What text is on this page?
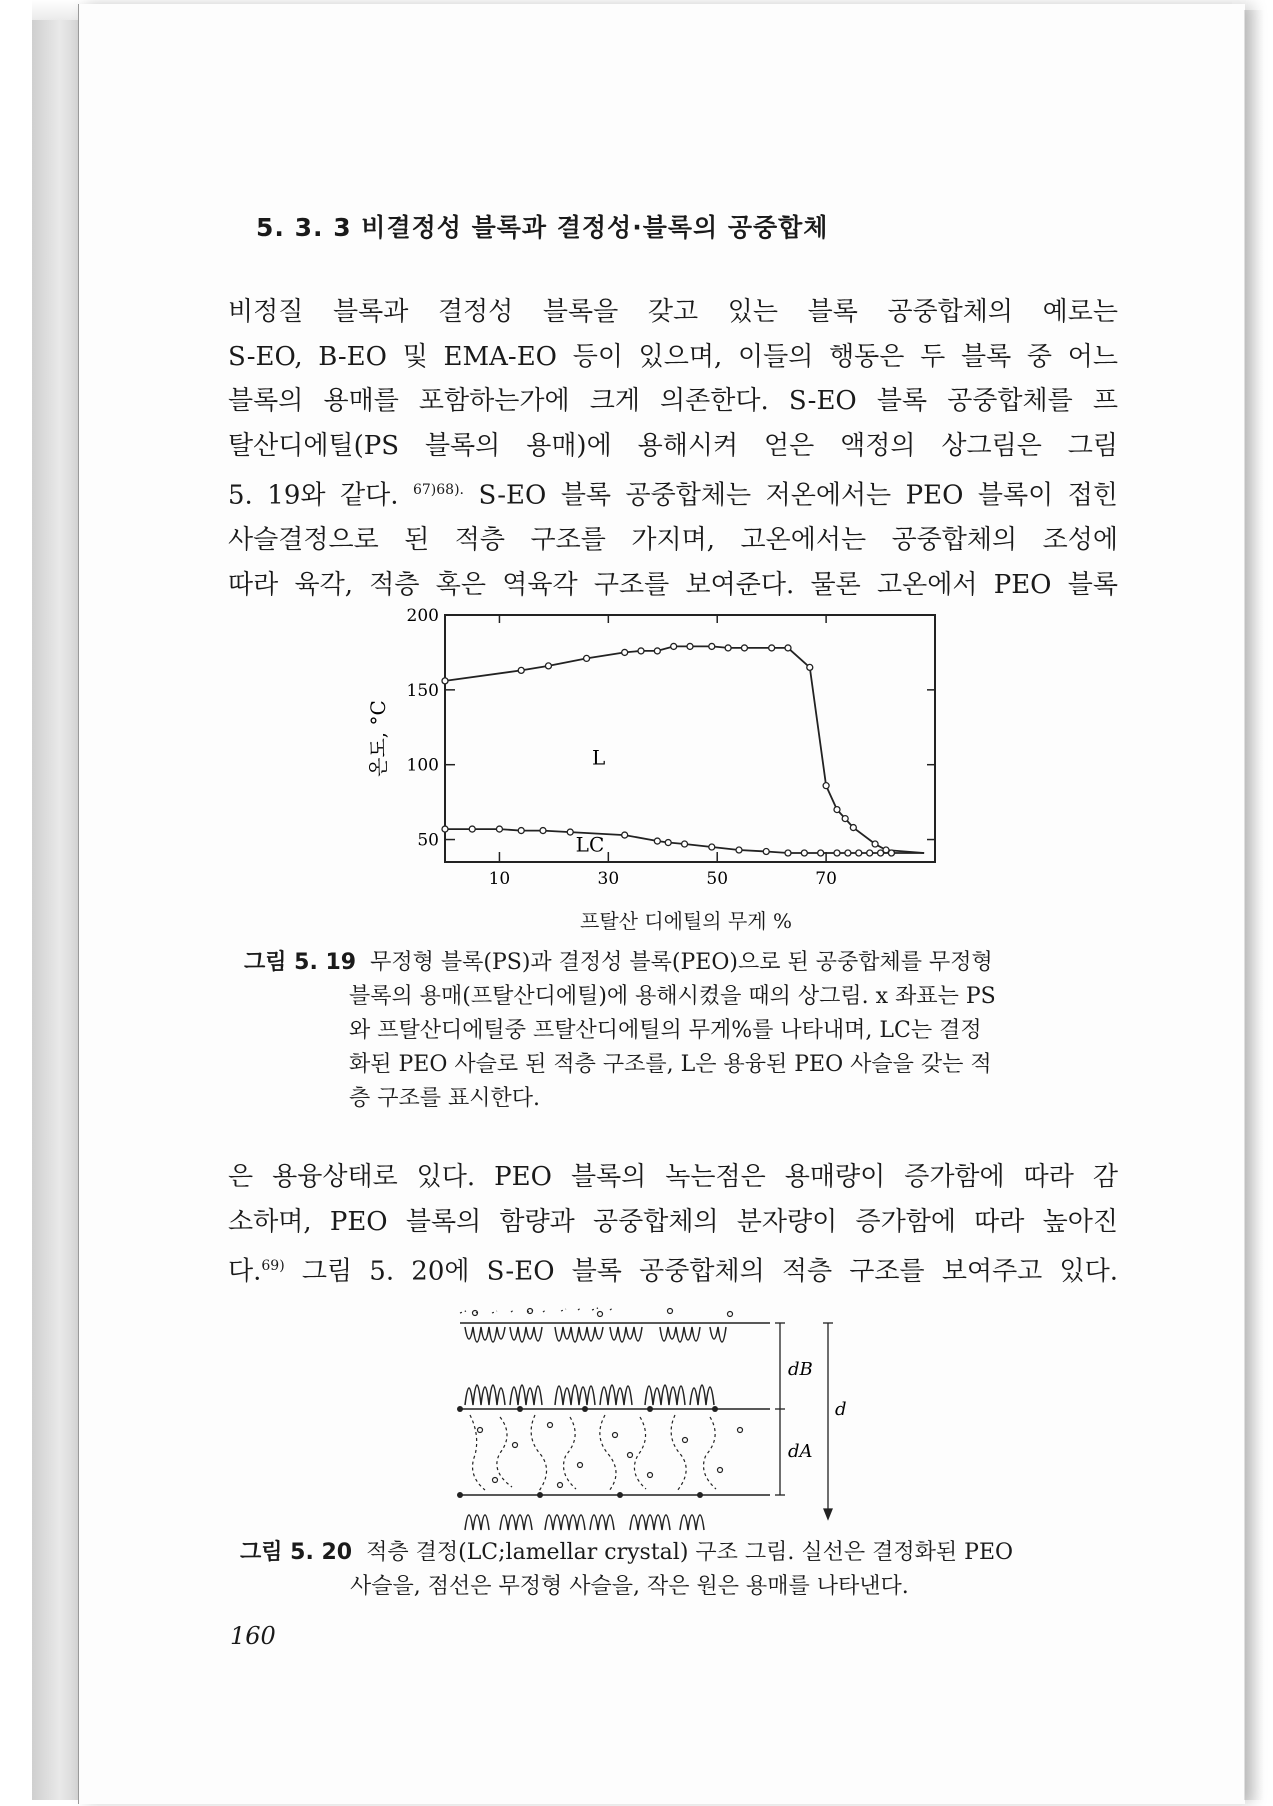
5. 3. 3 비결정성 블록과 결정성·블록의 공중합체
비정질 블록과 결정성 블록을 갖고 있는 블록 공중합체의 예로는
S-EO, B-EO 및 EMA-EO 등이 있으며, 이들의 행동은 두 블록 중 어느
블록의 용매를 포함하는가에 크게 의존한다. S-EO 블록 공중합체를 프
탈산디에틸(PS 블록의 용매)에 용해시켜 얻은 액정의 상그림은 그림
5. 19와 같다. $^{67)68).}$ S-EO 블록 공중합체는 저온에서는 PEO 블록이 접힌
사슬결정으로 된 적층 구조를 가지며, 고온에서는 공중합체의 조성에
따라 육각, 적층 혹은 역육각 구조를 보여준다. 물론 고온에서 PEO 블록
50
100
150
200
10	30	50	70
온도, °C	L
LC
프탈산 디에틸의 무게 %
그림 5. 19 무정형 블록(PS)과 결정성 블록(PEO)으로 된 공중합체를 무정형
블록의 용매(프탈산디에틸)에 용해시켰을 때의 상그림. x 좌표는 PS
와 프탈산디에틸중 프탈산디에틸의 무게%를 나타내며, LC는 결정
화된 PEO 사슬로 된 적층 구조를, L은 용융된 PEO 사슬을 갖는 적
층 구조를 표시한다.
은 용융상태로 있다. PEO 블록의 녹는점은 용매량이 증가함에 따라 감
소하며, PEO 블록의 함량과 공중합체의 분자량이 증가함에 따라 높아진
다.$^{69)}$ 그림 5. 20에 S-EO 블록 공중합체의 적층 구조를 보여주고 있다.
dB
d
dA
그림 5. 20 적층 결정(LC;lamellar crystal) 구조 그림. 실선은 결정화된 PEO
사슬을, 점선은 무정형 사슬을, 작은 원은 용매를 나타낸다.
160
